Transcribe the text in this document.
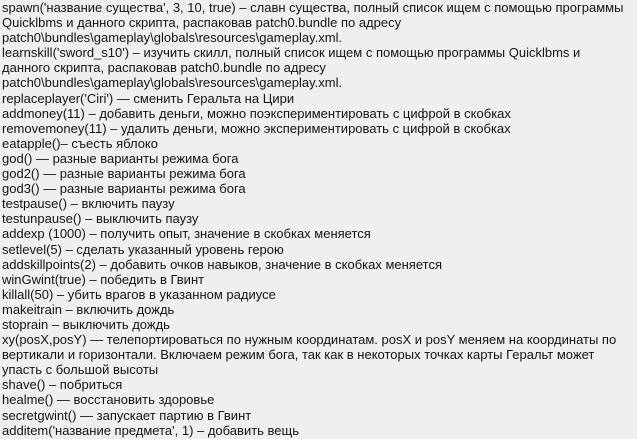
spawn('название существа', 3, 10, true) – славн существа, полный список ищем с помощью программы Quicklbms и данного скрипта, распаковав patch0.bundle по адресу patch0\bundles\gameplay\globals\resources\gameplay.xml.

learnskill('sword_s10') – изучить скилл, полный список ищем с помощью программы Quicklbms и данного скрипта, распаковав patch0.bundle по адресу patch0\bundles\gameplay\globals\resources\gameplay.xml.

replaceplayer('Ciri') — сменить Геральта на Цири

addmoney(11) – добавить деньги, можно поэкспериментировать с цифрой в скобках

removemoney(11) – удалить деньги, можно экспериментировать с цифрой в скобках

eatapple()– съесть яблоко

god() — разные варианты режима бога

god2() — разные варианты режима бога

god3() — разные варианты режима бога

testpause() – включить паузу

testunpause() – выключить паузу

addexp (1000) – получить опыт, значение в скобках меняется

setlevel(5) – сделать указанный уровень герою

addskillpoints(2) – добавить очков навыков, значение в скобках меняется

winGwint(true) – победить в Гвинт

killall(50) – убить врагов в указанном радиусе

makeitrain – включить дождь

stoprain – выключить дождь

xy(posX,posY) — телепортироваться по нужным координатам. posX и posY меняем на координаты по вертикали и горизонтали. Включаем режим бога, так как в некоторых точках карты Геральт может упасть с большой высоты

shave() – побриться

healme() — восстановить здоровье

secretgwint() — запускает партию в Гвинт

additem('название предмета', 1) – добавить вещь
